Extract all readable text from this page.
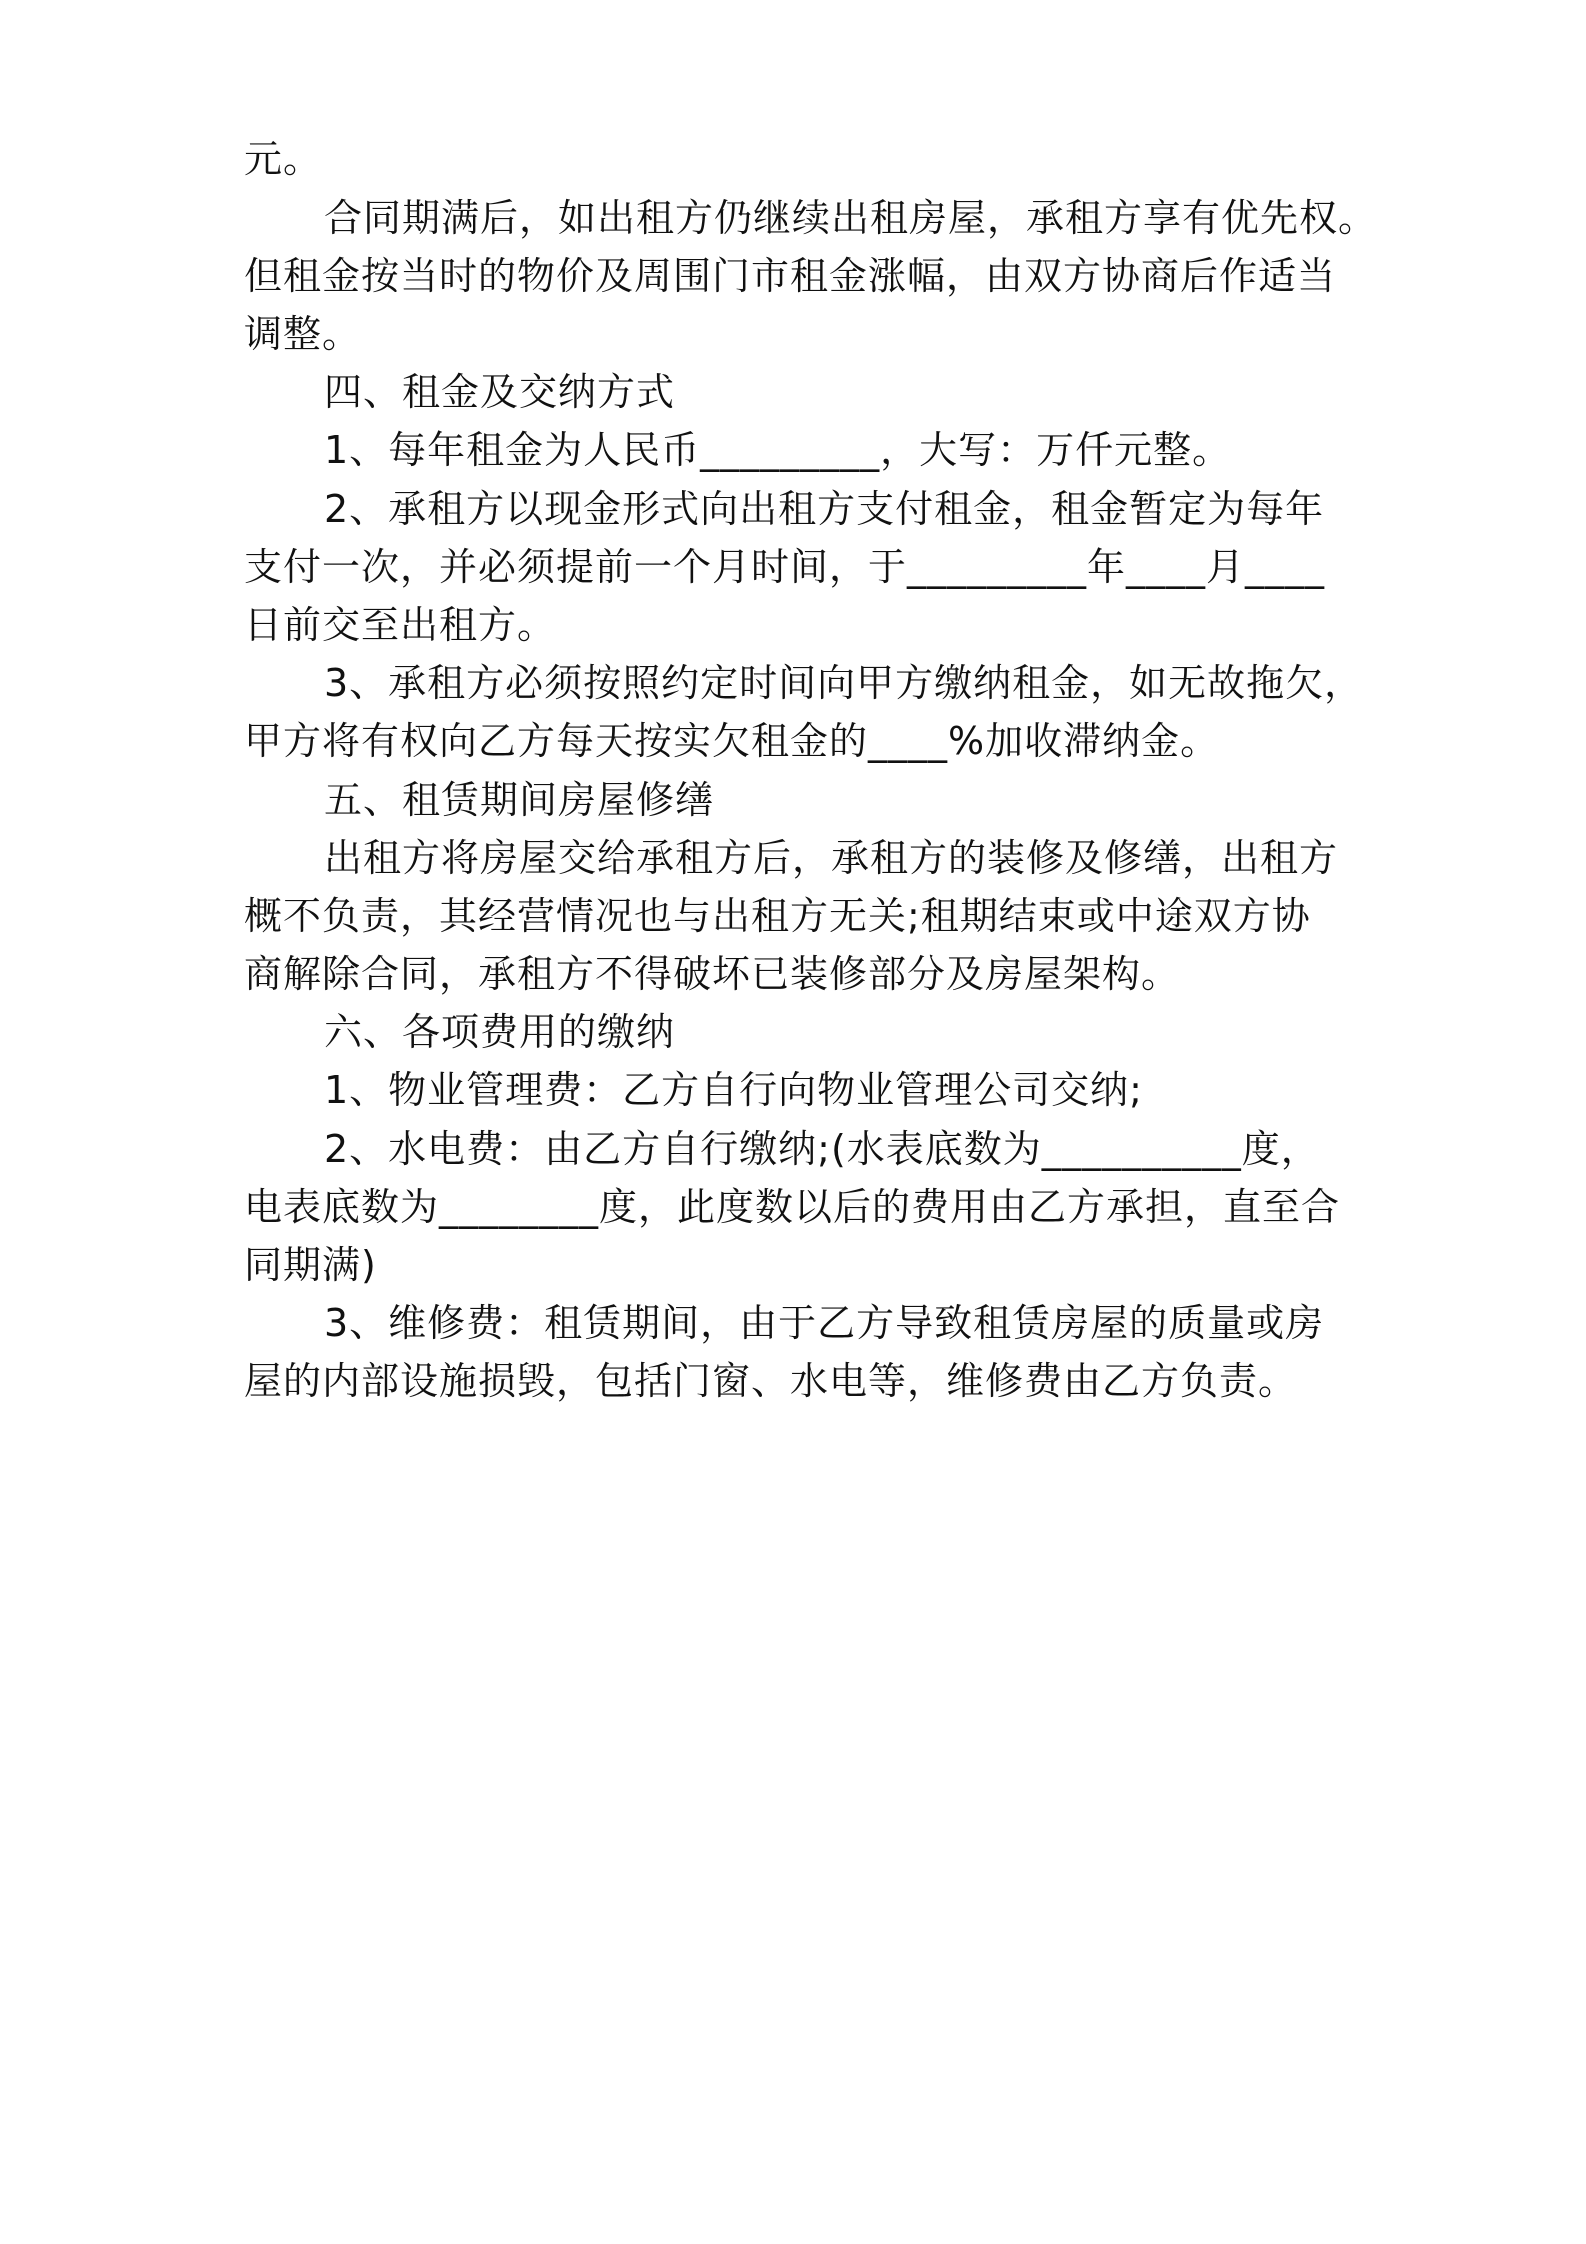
元。
合同期满后，如出租方仍继续出租房屋，承租方享有优先权。
但租金按当时的物价及周围门市租金涨幅，由双方协商后作适当
调整。
四、租金及交纳方式
1、每年租金为人民币_________，大写：万仟元整。
2、承租方以现金形式向出租方支付租金，租金暂定为每年
支付一次，并必须提前一个月时间，于_________年____月____
日前交至出租方。
3、承租方必须按照约定时间向甲方缴纳租金，如无故拖欠，
甲方将有权向乙方每天按实欠租金的____%加收滞纳金。
五、租赁期间房屋修缮
出租方将房屋交给承租方后，承租方的装修及修缮，出租方
概不负责，其经营情况也与出租方无关;租期结束或中途双方协
商解除合同，承租方不得破坏已装修部分及房屋架构。
六、各项费用的缴纳
1、物业管理费：乙方自行向物业管理公司交纳;
2、水电费：由乙方自行缴纳;(水表底数为__________度，
电表底数为________度，此度数以后的费用由乙方承担，直至合
同期满)
3、维修费：租赁期间，由于乙方导致租赁房屋的质量或房
屋的内部设施损毁，包括门窗、水电等，维修费由乙方负责。
